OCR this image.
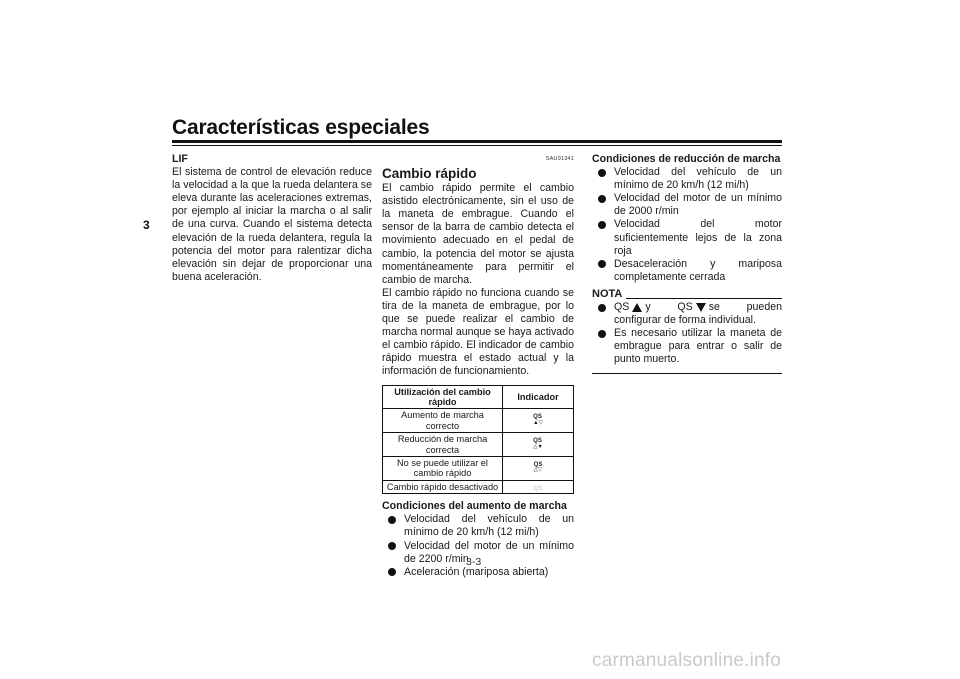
Características especiales
3

LIF

El sistema de control de elevación reduce la velocidad a la que la rueda delantera se eleva durante las aceleraciones extremas, por ejemplo al iniciar la marcha o al salir de una curva. Cuando el sistema detecta elevación de la rueda delantera, regula la potencia del motor para ralentizar dicha elevación sin dejar de proporcionar una buena aceleración.

SAU91341

Cambio rápido

El cambio rápido permite el cambio asistido electrónicamente, sin el uso de la maneta de embrague. Cuando el sensor de la barra de cambio detecta el movimiento adecuado en el pedal de cambio, la potencia del motor se ajusta momentáneamente para permitir el cambio de marcha.

El cambio rápido no funciona cuando se tira de la maneta de embrague, por lo que se puede realizar el cambio de marcha normal aunque se haya activado el cambio rápido. El indicador de cambio rápido muestra el estado actual y la información de funcionamiento.

Utilización del cambio rápido	Indicador
Aumento de marcha correcto	QS
▲▽
Reducción de marcha correcta	QS
△▼
No se puede utilizar el cambio rápido	QS
△▽
Cambio rápido desactivado	QS

Condiciones del aumento de marcha

Velocidad del vehículo de un mínimo de 20 km/h (12 mi/h)
Velocidad del motor de un mínimo de 2200 r/min
Aceleración (mariposa abierta)

Condiciones de reducción de marcha

Velocidad del vehículo de un mínimo de 20 km/h (12 mi/h)
Velocidad del motor de un mínimo de 2000 r/min
Velocidad del motor suficientemente lejos de la zona roja
Desaceleración y mariposa completamente cerrada
NOTA
QS y QS se pueden configurar de forma individual.
Es necesario utilizar la maneta de embrague para entrar o salir de punto muerto.
3-3
carmanualsonline.info
